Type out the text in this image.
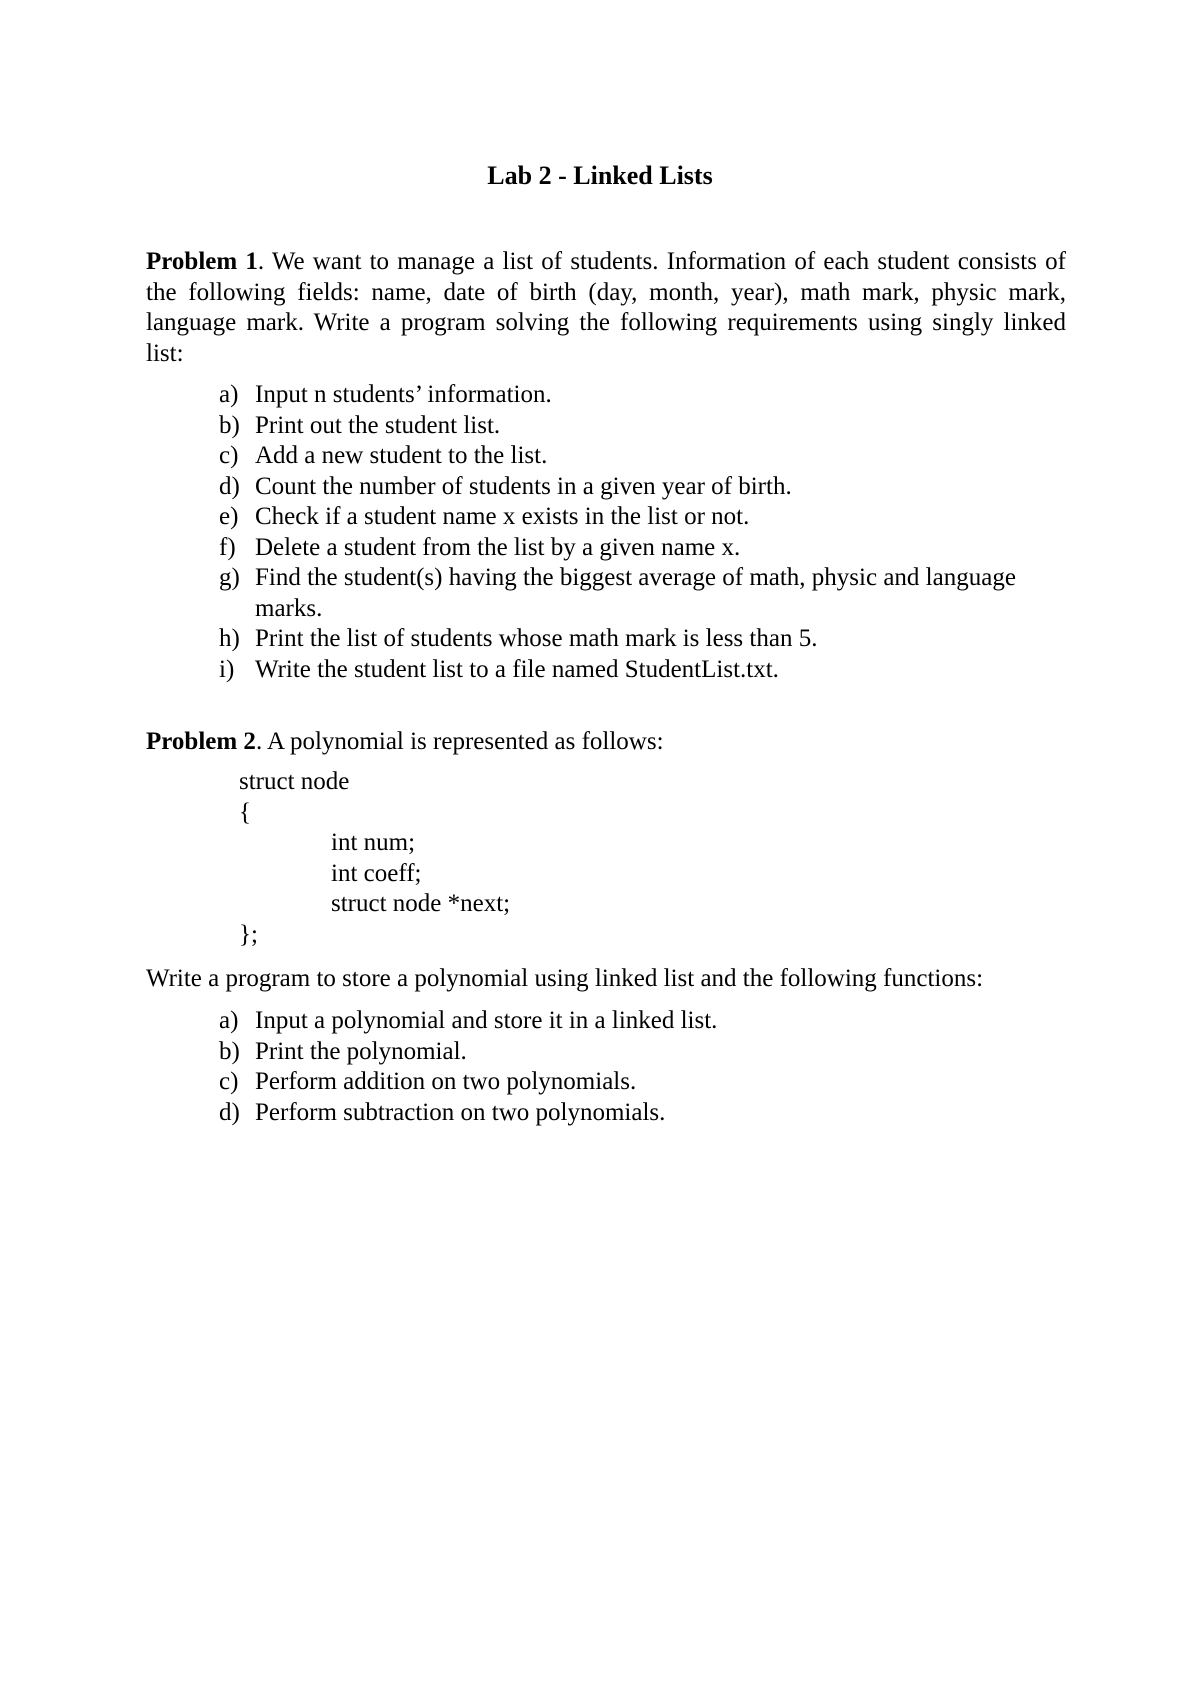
Lab 2 - Linked Lists
Problem 1. We want to manage a list of students. Information of each student consists of the following fields: name, date of birth (day, month, year), math mark, physic mark, language mark. Write a program solving the following requirements using singly linked list:
a) Input n students’ information.
b) Print out the student list.
c) Add a new student to the list.
d) Count the number of students in a given year of birth.
e) Check if a student name x exists in the list or not.
f) Delete a student from the list by a given name x.
g) Find the student(s) having the biggest average of math, physic and language marks.
h) Print the list of students whose math mark is less than 5.
i) Write the student list to a file named StudentList.txt.
Problem 2. A polynomial is represented as follows:
struct node
{
int num;
int coeff;
struct node *next;
};
Write a program to store a polynomial using linked list and the following functions:
a) Input a polynomial and store it in a linked list.
b) Print the polynomial.
c) Perform addition on two polynomials.
d) Perform subtraction on two polynomials.
